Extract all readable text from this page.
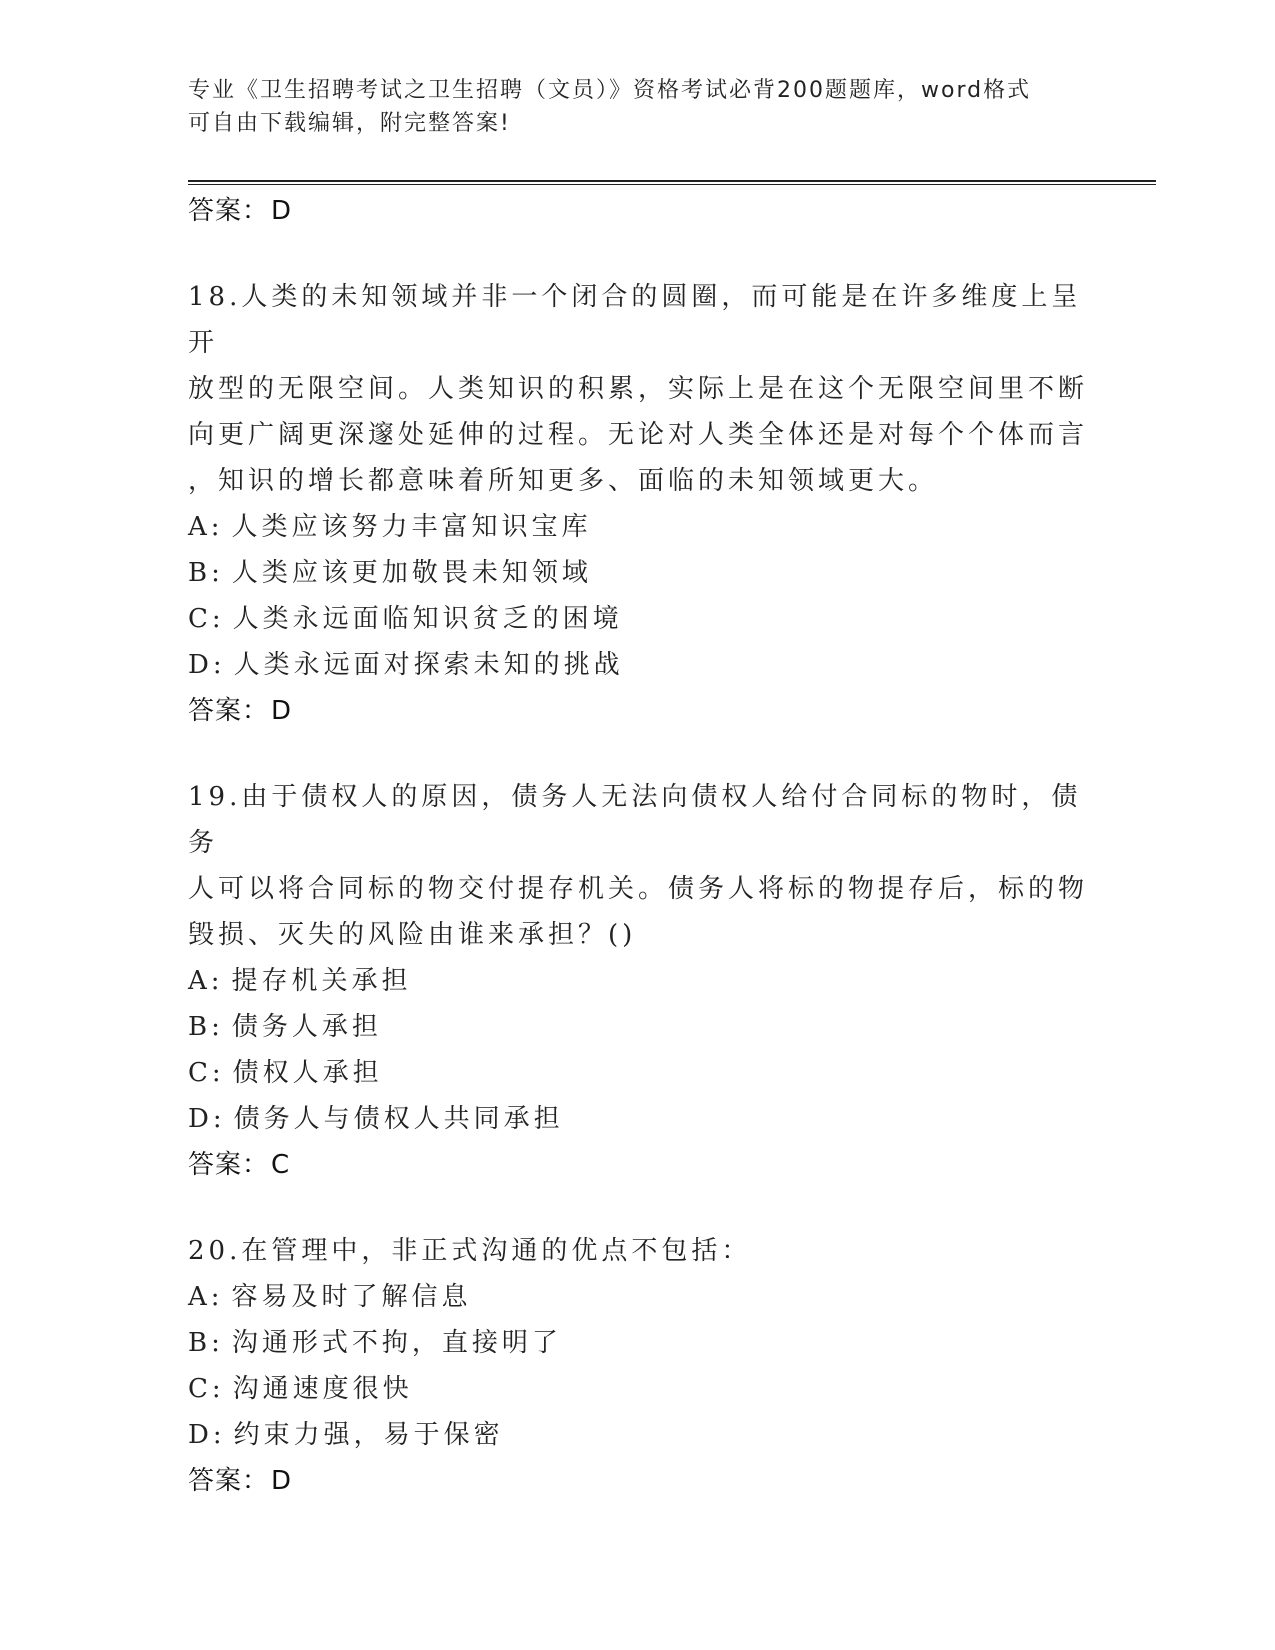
专业《卫生招聘考试之卫生招聘（文员）》资格考试必背200题题库，word格式
可自由下载编辑，附完整答案!
答案：D
18.人类的未知领域并非一个闭合的圆圈，而可能是在许多维度上呈开
放型的无限空间。人类知识的积累，实际上是在这个无限空间里不断
向更广阔更深邃处延伸的过程。无论对人类全体还是对每个个体而言
，知识的增长都意味着所知更多、面临的未知领域更大。
A: 人类应该努力丰富知识宝库
B: 人类应该更加敬畏未知领域
C: 人类永远面临知识贫乏的困境
D: 人类永远面对探索未知的挑战
答案：D
19.由于债权人的原因，债务人无法向债权人给付合同标的物时，债务
人可以将合同标的物交付提存机关。债务人将标的物提存后，标的物
毁损、灭失的风险由谁来承担？()
A: 提存机关承担
B: 债务人承担
C: 债权人承担
D: 债务人与债权人共同承担
答案：C
20.在管理中，非正式沟通的优点不包括：
A: 容易及时了解信息
B: 沟通形式不拘，直接明了
C: 沟通速度很快
D: 约束力强，易于保密
答案：D
